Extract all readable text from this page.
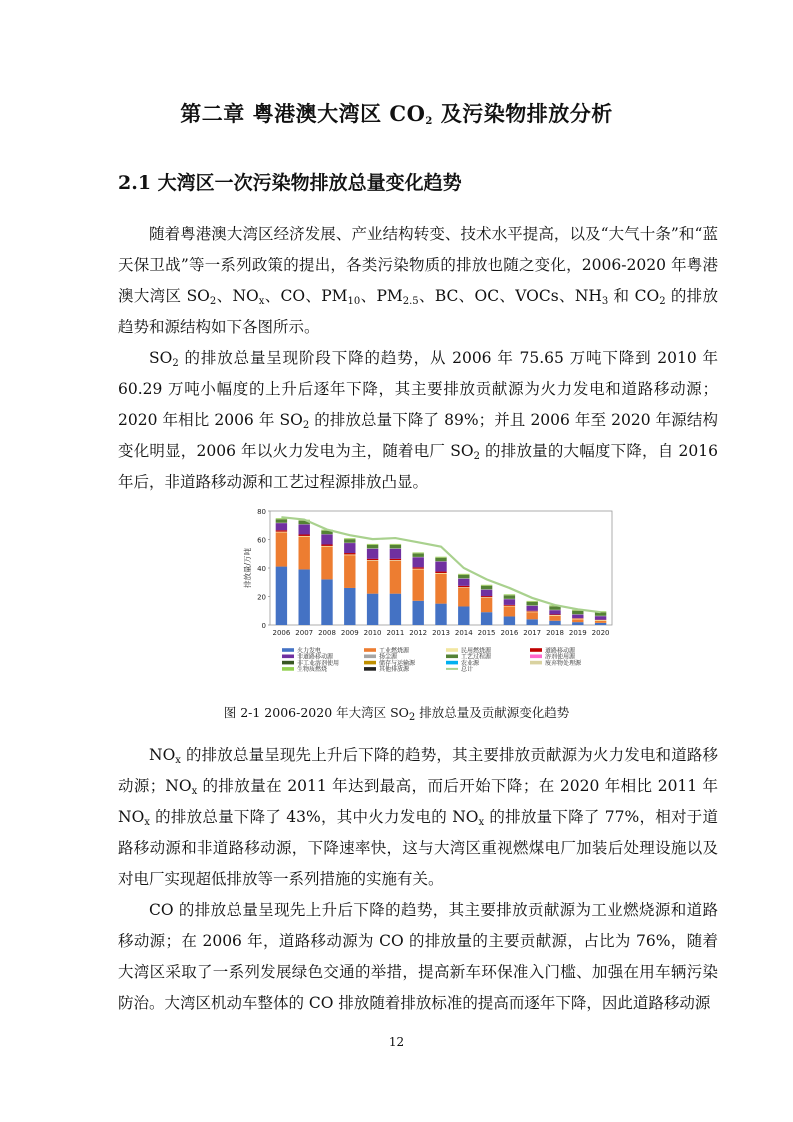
第二章 粤港澳大湾区 $CO_2$ 及污染物排放分析
2.1 大湾区一次污染物排放总量变化趋势

随着粤港澳大湾区经济发展、产业结构转变、技术水平提高，以及“大气十条”和“蓝天保卫战”等一系列政策的提出，各类污染物质的排放也随之变化，2006-2020 年粤港澳大湾区 $SO_2$、$NO_x$、CO、$PM_{10}$、$PM_{2.5}$、BC、OC、VOCs、$NH_3$ 和 $CO_2$ 的排放趋势和源结构如下各图所示。

$SO_2$ 的排放总量呈现阶段下降的趋势，从 2006 年 75.65 万吨下降到 2010 年 60.29 万吨小幅度的上升后逐年下降，其主要排放贡献源为火力发电和道路移动源；2020 年相比 2006 年 $SO_2$ 的排放总量下降了 89%；并且 2006 年至 2020 年源结构变化明显，2006 年以火力发电为主，随着电厂 $SO_2$ 的排放量的大幅度下降，自 2016 年后，非道路移动源和工艺过程源排放凸显。

0
20
40
60
80
排放量/万吨
2006 2007 2008 2009 2010 2011 2012 2013 2014 2015 2016 2017 2018 2019 2020
火力发电	工业燃烧源	民用燃烧源	道路移动源
非道路移动源	扬尘源	工艺过程源	溶剂使用源
非工业溶剂使用	储存与运输源	农业源	废弃物处理源
生物质燃烧	其他排放源	总计
图 2-1 2006-2020 年大湾区 $SO_2$ 排放总量及贡献源变化趋势

$NO_x$ 的排放总量呈现先上升后下降的趋势，其主要排放贡献源为火力发电和道路移动源；$NO_x$ 的排放量在 2011 年达到最高，而后开始下降；在 2020 年相比 2011 年 $NO_x$ 的排放总量下降了 43%，其中火力发电的 $NO_x$ 的排放量下降了 77%，相对于道路移动源和非道路移动源，下降速率快，这与大湾区重视燃煤电厂加装后处理设施以及对电厂实现超低排放等一系列措施的实施有关。

CO 的排放总量呈现先上升后下降的趋势，其主要排放贡献源为工业燃烧源和道路移动源；在 2006 年，道路移动源为 CO 的排放量的主要贡献源，占比为 76%，随着大湾区采取了一系列发展绿色交通的举措，提高新车环保准入门槛、加强在用车辆污染防治。大湾区机动车整体的 CO 排放随着排放标准的提高而逐年下降，因此道路移动源

12
